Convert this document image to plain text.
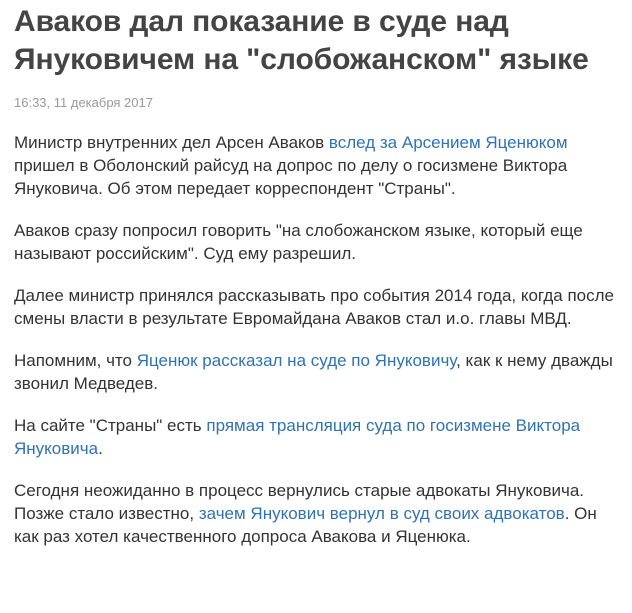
Аваков дал показание в суде над Януковичем на "слобожанском" языке
16:33, 11 декабря 2017

Министр внутренних дел Арсен Аваков вслед за Арсением Яценюком пришел в Оболонский райсуд на допрос по делу о госизмене Виктора Януковича. Об этом передает корреспондент "Страны".

Аваков сразу попросил говорить "на слобожанском языке, который еще называют российским". Суд ему разрешил.

Далее министр принялся рассказывать про события 2014 года, когда после смены власти в результате Евромайдана Аваков стал и.о. главы МВД.

Напомним, что Яценюк рассказал на суде по Януковичу, как к нему дважды звонил Медведев.

На сайте "Страны" есть прямая трансляция суда по госизмене Виктора Януковича.

Сегодня неожиданно в процесс вернулись старые адвокаты Януковича. Позже стало известно, зачем Янукович вернул в суд своих адвокатов. Он как раз хотел качественного допроса Авакова и Яценюка.
